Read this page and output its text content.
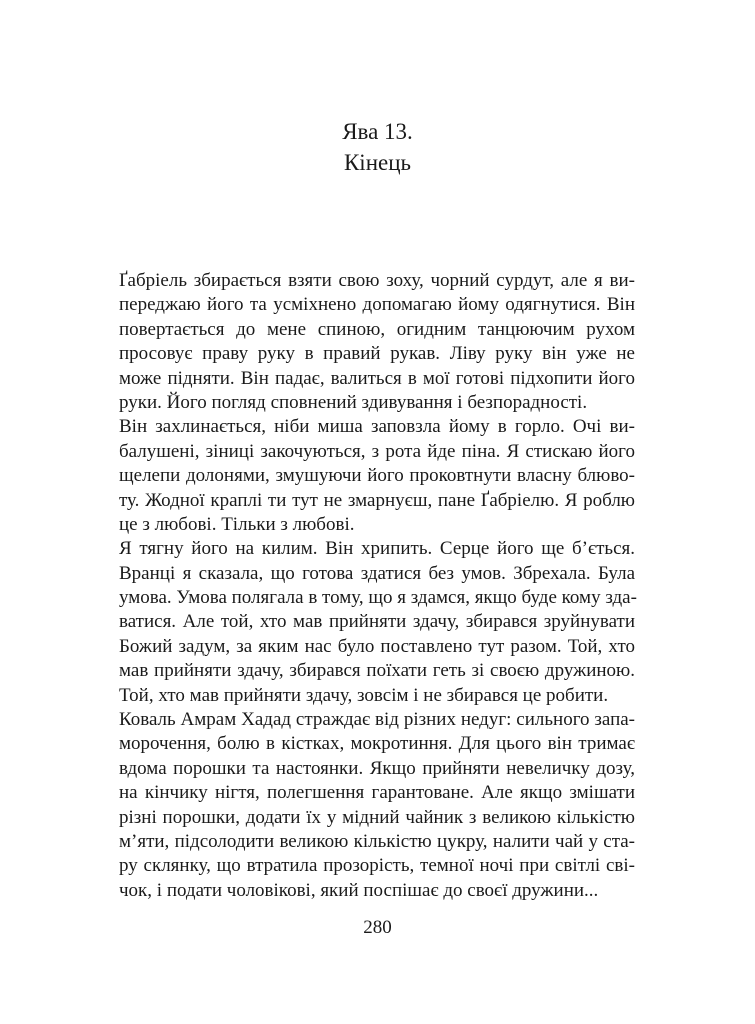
Ява 13.
Кінець
Ґабріель збирається взяти свою зоху, чорний сурдут, але я ви-
переджаю його та усміхнено допомагаю йому одягнутися. Він
повертається до мене спиною, огидним танцюючим рухом
просовує праву руку в правий рукав. Ліву руку він уже не
може підняти. Він падає, валиться в мої готові підхопити його
руки. Його погляд сповнений здивування і безпорадності.
Він захлинається, ніби миша заповзла йому в горло. Очі ви-
балушені, зіниці закочуються, з рота йде піна. Я стискаю його
щелепи долонями, змушуючи його проковтнути власну блюво-
ту. Жодної краплі ти тут не змарнуєш, пане Ґабріелю. Я роблю
це з любові. Тільки з любові.
Я тягну його на килим. Він хрипить. Серце його ще б’ється.
Вранці я сказала, що готова здатися без умов. Збрехала. Була
умова. Умова полягала в тому, що я здамся, якщо буде кому зда-
ватися. Але той, хто мав прийняти здачу, збирався зруйнувати
Божий задум, за яким нас було поставлено тут разом. Той, хто
мав прийняти здачу, збирався поїхати геть зі своєю дружиною.
Той, хто мав прийняти здачу, зовсім і не збирався це робити.
Коваль Амрам Хадад страждає від різних недуг: сильного запа-
морочення, болю в кістках, мокротиння. Для цього він тримає
вдома порошки та настоянки. Якщо прийняти невеличку дозу,
на кінчику нігтя, полегшення гарантоване. Але якщо змішати
різні порошки, додати їх у мідний чайник з великою кількістю
м’яти, підсолодити великою кількістю цукру, налити чай у ста-
ру склянку, що втратила прозорість, темної ночі при світлі сві-
чок, і подати чоловікові, який поспішає до своєї дружини...
280
